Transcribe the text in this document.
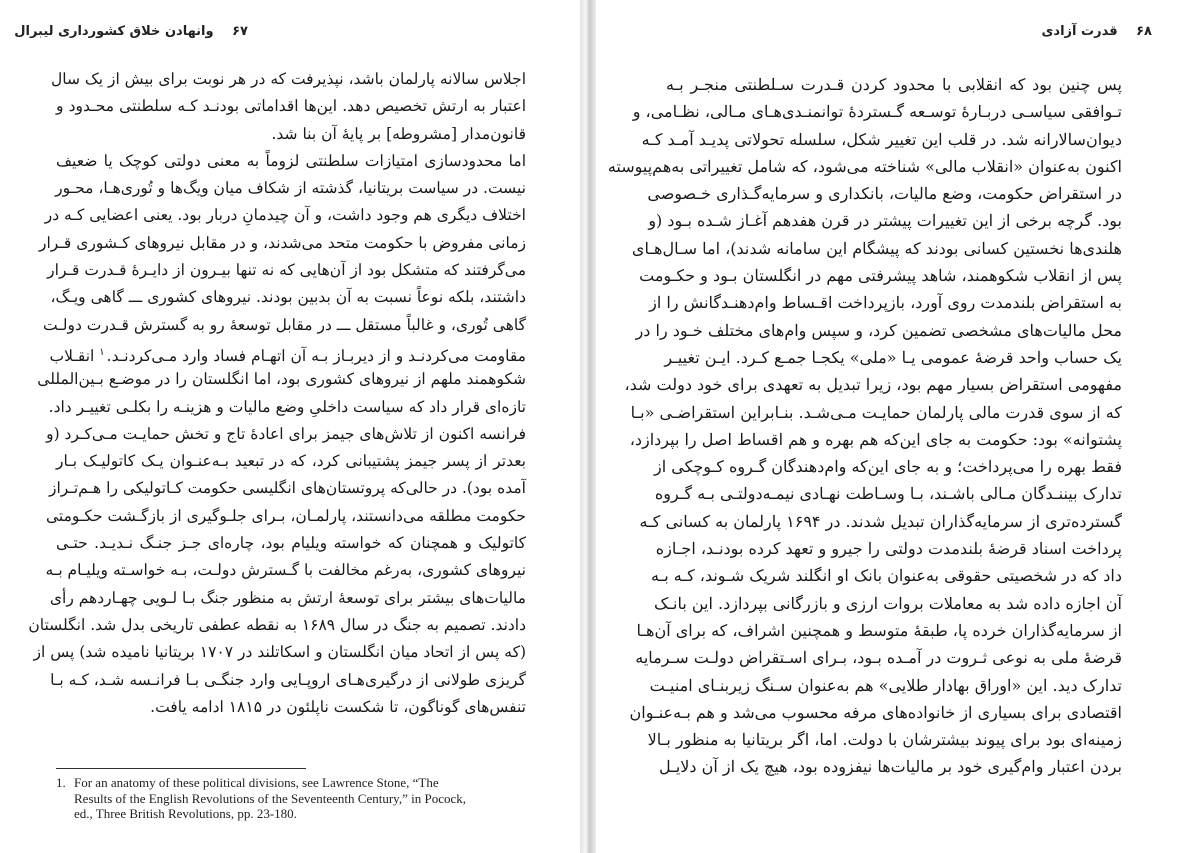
۶۷ وانهادن خلاق کشورداری لیبرال
اجلاس سالانه پارلمان باشد، نپذیرفت که در هر نوبت برای بیش از یک سال
اعتبار به ارتش تخصیص دهد. این‌ها اقداماتی بودنـد کـه سلطنتی محـدود و
قانون‌مدار [مشروطه] بر پایهٔ آن بنا شد.
اما محدودسازی امتیازات سلطنتی لزوماً به معنی دولتی کوچک یا ضعیف
نیست. در سیاست بریتانیا، گذشته از شکاف میان ویگ‌ها و تُوری‌هـا، محـور
اختلاف دیگری هم وجود داشت، و آن چیدمانِ دربار بود. یعنی اعضایی کـه در
زمانی مفروض با حکومت متحد می‌شدند، و در مقابل نیروهای کـشوری قـرار
می‌گرفتند که متشکل بود از آن‌هایی که نه تنها بیـرون از دایـرهٔ قـدرت قـرار
داشتند، بلکه نوعاً نسبت به آن بدبین بودند. نیروهای کشوری ـــ گاهی ویـگ،
گاهی تُوری، و غالباً مستقل ـــ در مقابل توسعهٔ رو به گسترش قـدرت دولـت
مقاومت می‌کردنـد و از دیربـاز بـه آن اتهـام فساد وارد مـی‌کردنـد.$^۱$ انقـلاب
شکوهمند ملهم از نیروهای کشوری بود، اما انگلستان را در موضـع بـین‌المللی
تازه‌ای قرار داد که سیاست داخلیِ وضع مالیات و هزینـه را بکلـی تغییـر داد.
فرانسه اکنون از تلاش‌های جیمز برای اعادهٔ تاج و تخش حمایـت مـی‌کـرد (و
بعدتر از پسر جیمز پشتیبانی کرد، که در تبعید بـه‌عنـوان یـک کاتولیـک بـار
آمده بود). در حالی‌که پروتستان‌های انگلیسی حکومت کـاتولیکی را هـم‌تـراز
حکومت مطلقه می‌دانستند، پارلمـان، بـرای جلـوگیری از بازگـشت حکـومتی
کاتولیک و همچنان که خواسته ویلیام بود، چاره‌ای جـز جنـگ نـدیـد. حتـی
نیروهای کشوری، به‌رغم مخالفت با گـسترش دولـت، بـه خواسـته ویلیـام بـه
مالیات‌های بیشتر برای توسعهٔ ارتش به منظور جنگ بـا لـویی چهـاردهم رأی
دادند. تصمیم به جنگ در سال ۱۶۸۹ به نقطه عطفی تاریخی بدل شد. انگلستان
(که پس از اتحاد میان انگلستان و اسکاتلند در ۱۷۰۷ بریتانیا نامیده شد) پس از
گریزی طولانی از درگیری‌هـای اروپـایی وارد جنگـی بـا فرانـسه شـد، کـه بـا
تنفس‌های گوناگون، تا شکست ناپلئون در ۱۸۱۵ ادامه یافت.
1. For an anatomy of these political divisions, see Lawrence Stone, “The
Results of the English Revolutions of the Seventeenth Century,” in Pocock,
ed., Three British Revolutions, pp. 23-180.
۶۸ قدرت آزادی
پس چنین بود که انقلابی با محدود کردن قـدرت سـلطنتی منجـر بـه
تـوافقی سیاسـی دربـارهٔ توسـعه گـستردهٔ توانمنـدی‌هـای مـالی، نظـامی، و
دیوان‌سالارانه شد. در قلب این تغییر شکل، سلسله تحولاتی پدیـد آمـد کـه
اکنون به‌عنوان «انقلاب مالی» شناخته می‌شود، که شامل تغییراتی به‌هم‌پیوسته
در استقراض حکومت، وضع مالیات، بانکداری و سرمایه‌گـذاری خـصوصی
بود. گرچه برخی از این تغییرات پیشتر در قرن هفدهم آغـاز شـده بـود (و
هلندی‌ها نخستین کسانی بودند که پیشگام این سامانه شدند)، اما سـال‌هـای
پس از انقلاب شکوهمند، شاهد پیشرفتی مهم در انگلستان بـود و حکـومت
به استقراض بلندمدت روی آورد، بازپرداخت اقـساط وام‌دهنـدگانش را از
محل مالیات‌های مشخصی تضمین کرد، و سپس وام‌های مختلف خـود را در
یک حساب واحد قرضهٔ عمومی یـا «ملی» یکجـا جمـع کـرد. ایـن تغییـر
مفهومی استقراض بسیار مهم بود، زیرا تبدیل به تعهدی برای خود دولت شد،
که از سوی قدرت مالی پارلمان حمایـت مـی‌شـد. بنـابراین استقراضـی «بـا
پشتوانه» بود: حکومت به جای این‌که هم بهره و هم اقساط اصل را بپردازد،
فقط بهره را می‌پرداخت؛ و به جای این‌که وام‌دهندگان گـروه کـوچکی از
تدارک بیننـدگان مـالی باشـند، بـا وسـاطت نهـادی نیمـه‌دولتـی بـه گـروه
گسترده‌تری از سرمایه‌گذاران تبدیل شدند. در ۱۶۹۴ پارلمان به کسانی کـه
پرداخت اسناد قرضهٔ بلندمدت دولتی را جیرو و تعهد کرده بودنـد، اجـازه
داد که در شخصیتی حقوقی به‌عنوان بانک او انگلند شریک شـوند، کـه بـه
آن اجازه داده شد به معاملات بروات ارزی و بازرگانی بپردازد. این بانـک
از سرمایه‌گذاران خرده پا، طبقهٔ متوسط و همچنین اشراف، که برای آن‌هـا
قرضهٔ ملی به نوعی ثـروت در آمـده بـود، بـرای اسـتقراض دولـت سـرمایه
تدارک دید. این «اوراق بهادار طلایی» هم به‌عنوان سـنگ زیربنـای امنیـت
اقتصادی برای بسیاری از خانواده‌های مرفه محسوب می‌شد و هم بـه‌عنـوان
زمینه‌ای بود برای پیوند بیشترشان با دولت. اما، اگر بریتانیا به منظور بـالا
بردن اعتبار وام‌گیری خود بر مالیات‌ها نیفزوده بود، هیچ یک از آن دلایـل
